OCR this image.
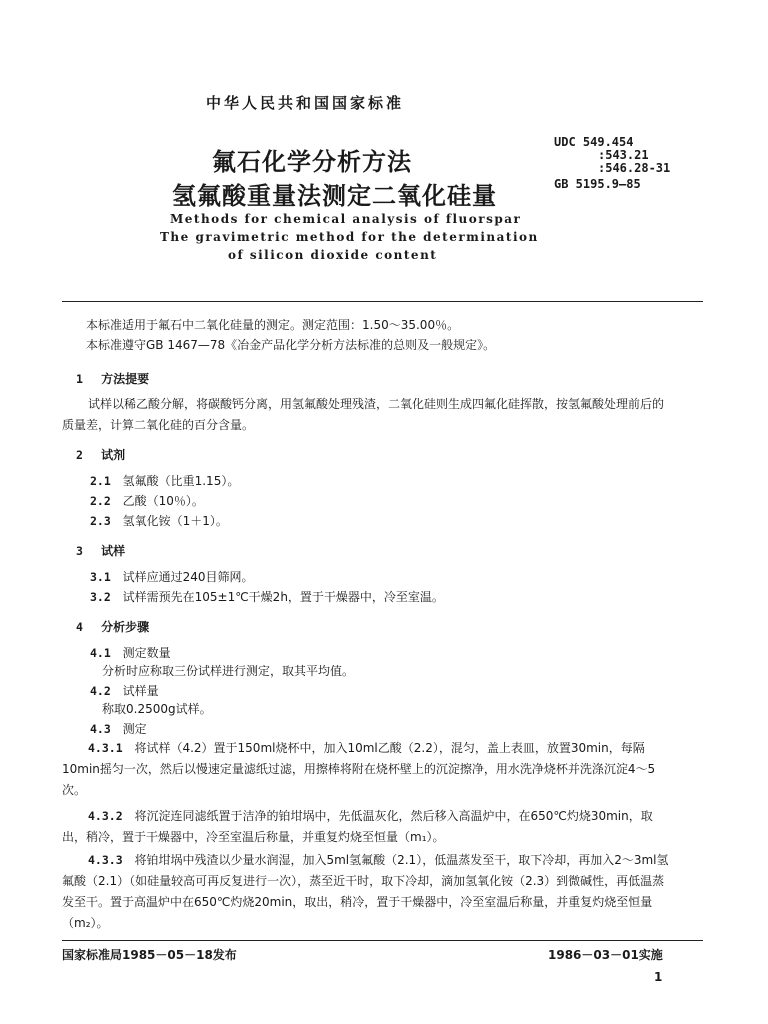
中华人民共和国国家标准
氟石化学分析方法
氢氟酸重量法测定二氧化硅量
UDC 549.454
:543.21
:546.28-31
GB 5195.9—85
Methods for chemical analysis of fluorspar
The gravimetric method for the determination
of silicon dioxide content
本标准适用于氟石中二氧化硅量的测定。测定范围：1.50～35.00％。
本标准遵守GB 1467—78《冶金产品化学分析方法标准的总则及一般规定》。
1 方法提要
试样以稀乙酸分解，将碳酸钙分离，用氢氟酸处理残渣，二氧化硅则生成四氟化硅挥散，按氢氟酸处理前后的质量差，计算二氧化硅的百分含量。
2 试剂
2.1 氢氟酸（比重1.15）。
2.2 乙酸（10％）。
2.3 氢氧化铵（1＋1）。
3 试样
3.1 试样应通过240目筛网。
3.2 试样需预先在105±1℃干燥2h，置于干燥器中，冷至室温。
4 分析步骤
4.1 测定数量
分析时应称取三份试样进行测定，取其平均值。
4.2 试样量
称取0.2500g试样。
4.3 测定
4.3.1 将试样（4.2）置于150ml烧杯中，加入10ml乙酸（2.2），混匀，盖上表皿，放置30min，每隔10min摇匀一次，然后以慢速定量滤纸过滤，用擦棒将附在烧杯壁上的沉淀擦净，用水洗净烧杯并洗涤沉淀4～5次。
4.3.2 将沉淀连同滤纸置于洁净的铂坩埚中，先低温灰化，然后移入高温炉中，在650℃灼烧30min，取出，稍冷，置于干燥器中，冷至室温后称量，并重复灼烧至恒量（m₁）。
4.3.3 将铂坩埚中残渣以少量水润湿，加入5ml氢氟酸（2.1），低温蒸发至干，取下冷却，再加入2～3ml氢氟酸（2.1）（如硅量较高可再反复进行一次），蒸至近干时，取下冷却，滴加氢氧化铵（2.3）到微碱性，再低温蒸发至干。置于高温炉中在650℃灼烧20min，取出，稍冷，置于干燥器中，冷至室温后称量，并重复灼烧至恒量（m₂）。
国家标准局1985－05－18发布	1986－03－01实施
1
